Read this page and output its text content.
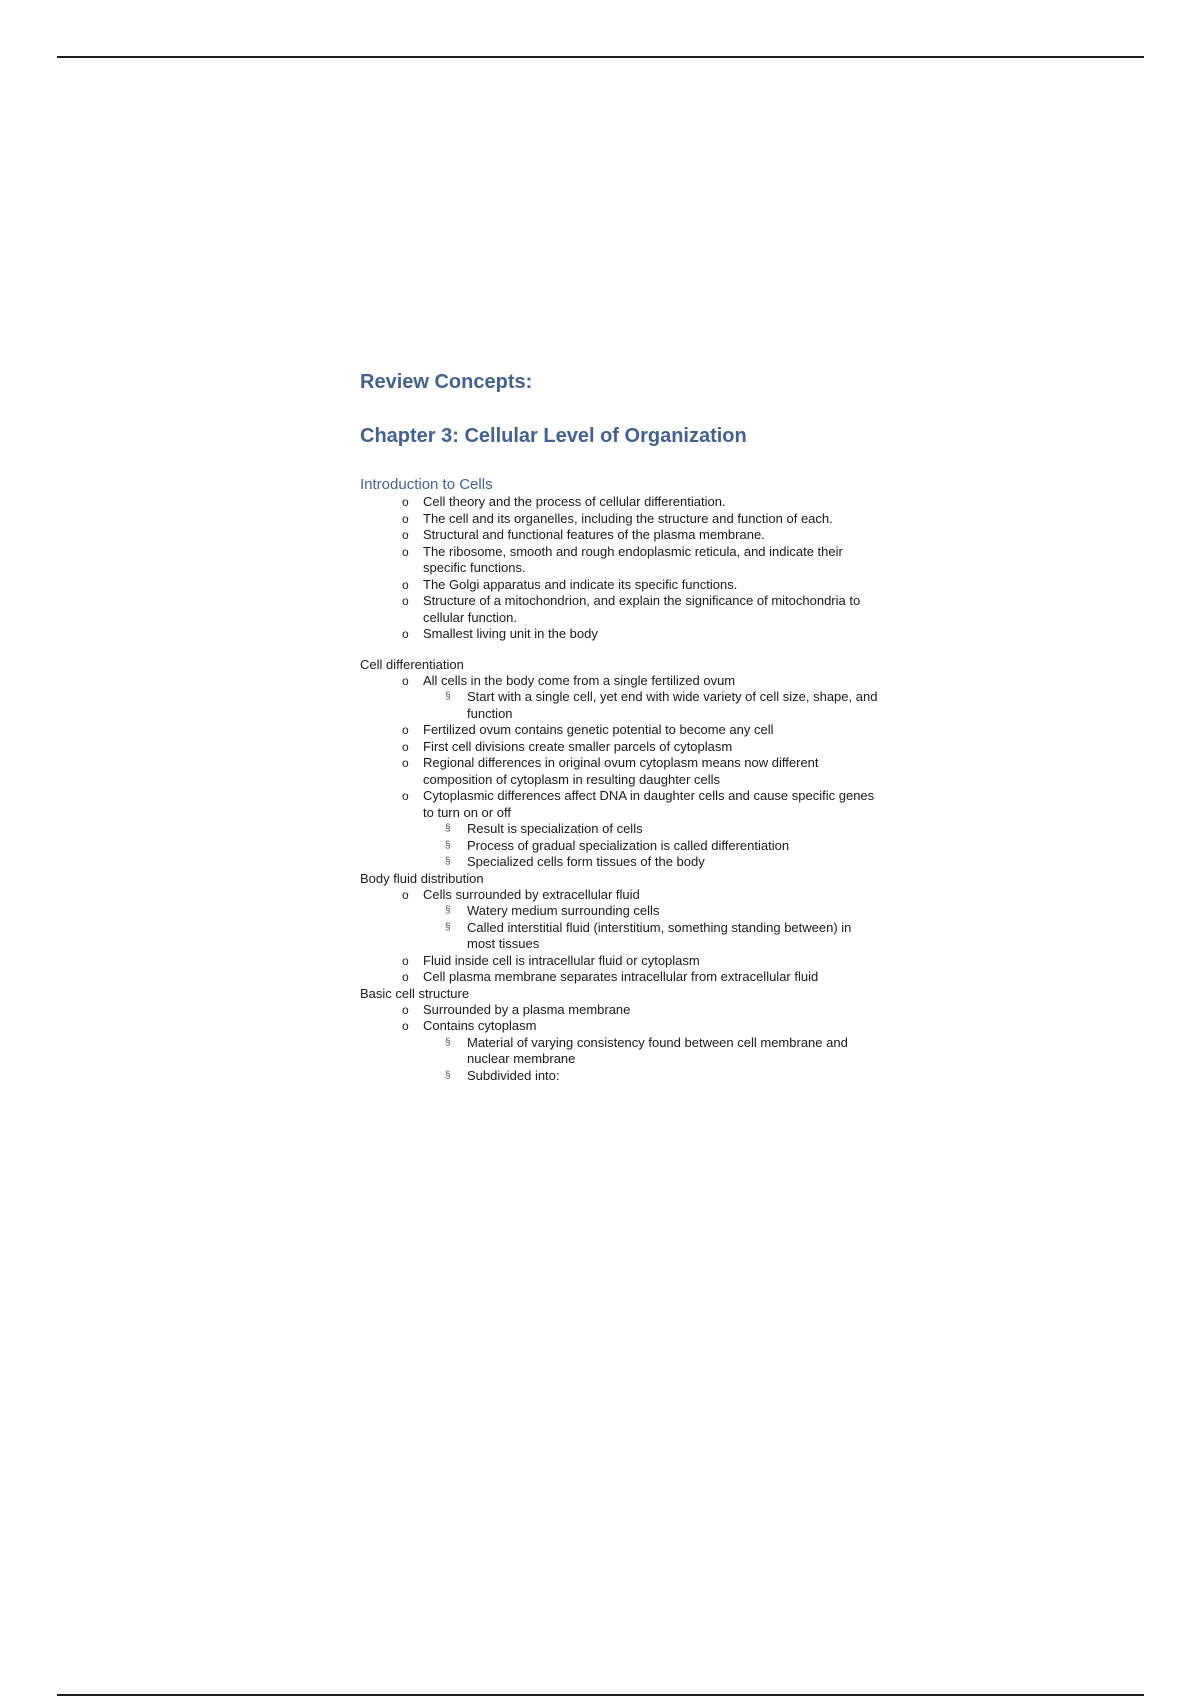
Review Concepts:
Chapter 3: Cellular Level of Organization
Introduction to Cells
o Cell theory and the process of cellular differentiation.
o The cell and its organelles, including the structure and function of each.
o Structural and functional features of the plasma membrane.
o The ribosome, smooth and rough endoplasmic reticula, and indicate their specific functions.
o The Golgi apparatus and indicate its specific functions.
o Structure of a mitochondrion, and explain the significance of mitochondria to cellular function.
o Smallest living unit in the body
Cell differentiation
o All cells in the body come from a single fertilized ovum
§ Start with a single cell, yet end with wide variety of cell size, shape, and function
o Fertilized ovum contains genetic potential to become any cell
o First cell divisions create smaller parcels of cytoplasm
o Regional differences in original ovum cytoplasm means now different composition of cytoplasm in resulting daughter cells
o Cytoplasmic differences affect DNA in daughter cells and cause specific genes to turn on or off
§ Result is specialization of cells
§ Process of gradual specialization is called differentiation
§ Specialized cells form tissues of the body
Body fluid distribution
o Cells surrounded by extracellular fluid
§ Watery medium surrounding cells
§ Called interstitial fluid (interstitium, something standing between) in most tissues
o Fluid inside cell is intracellular fluid or cytoplasm
o Cell plasma membrane separates intracellular from extracellular fluid
Basic cell structure
o Surrounded by a plasma membrane
o Contains cytoplasm
§ Material of varying consistency found between cell membrane and nuclear membrane
§ Subdivided into:
